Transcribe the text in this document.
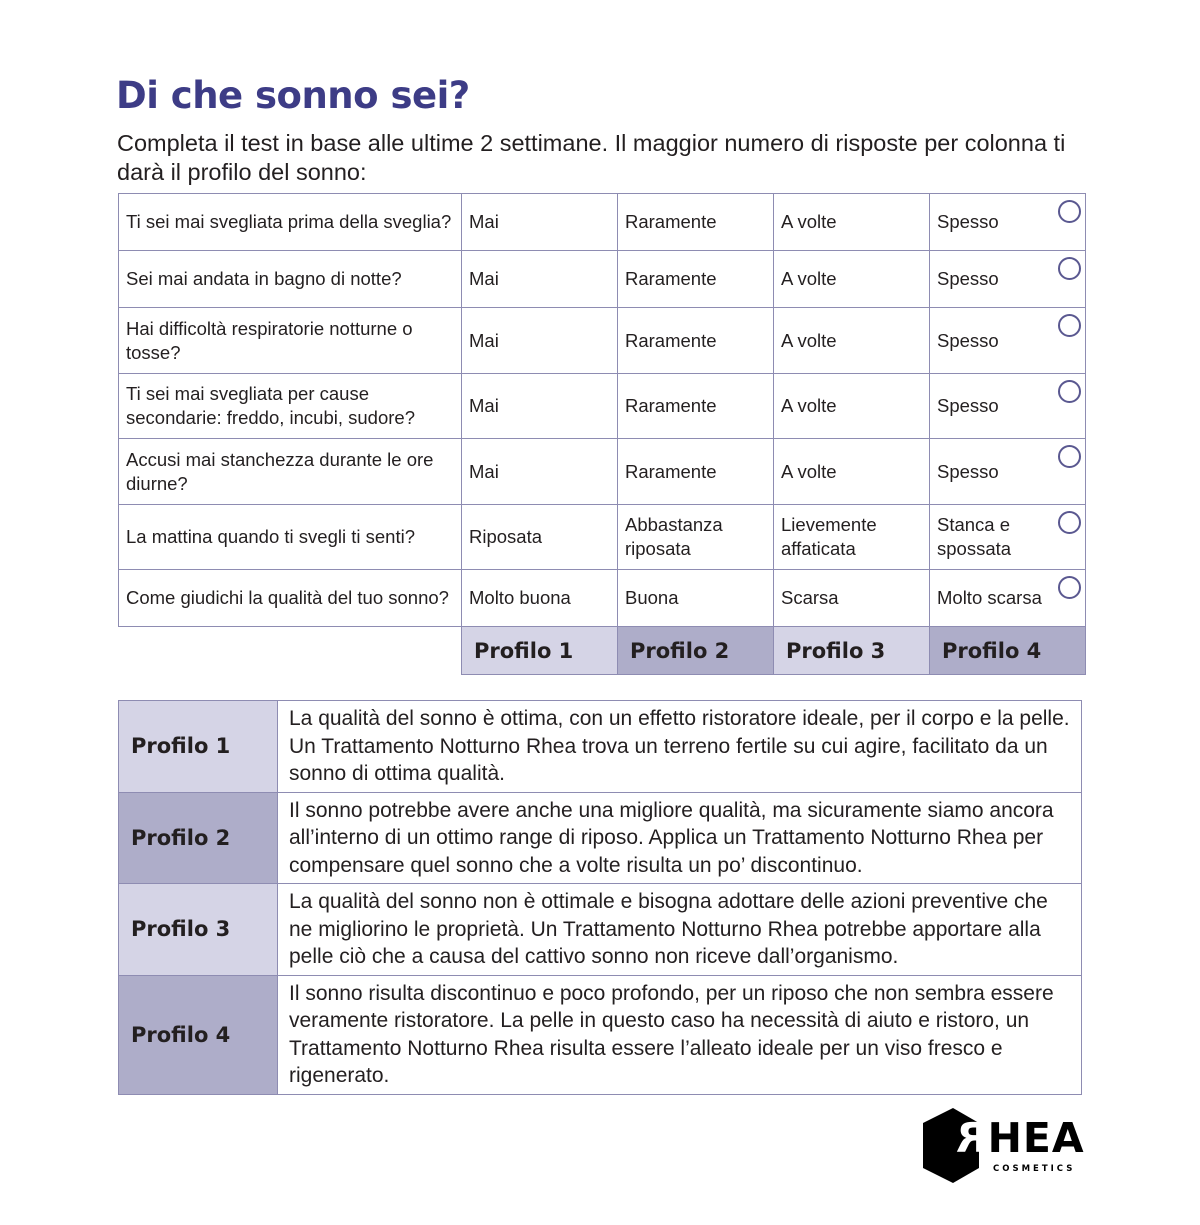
Di che sonno sei?

Completa il test in base alle ultime 2 settimane. Il maggior numero di risposte per colonna ti darà il profilo del sonno:

Ti sei mai svegliata prima della sveglia?	Mai	Raramente	A volte	Spesso

Sei mai andata in bagno di notte?	Mai	Raramente	A volte	Spesso

Hai difficoltà respiratorie notturne o tosse?	Mai	Raramente	A volte	Spesso

Ti sei mai svegliata per cause secondarie: freddo, incubi, sudore?	Mai	Raramente	A volte	Spesso

Accusi mai stanchezza durante le ore diurne?	Mai	Raramente	A volte	Spesso

La mattina quando ti svegli ti senti?	Riposata	Abbastanza riposata	Lievemente affaticata	Stanca e spossata

Come giudichi la qualità del tuo sonno?	Molto buona	Buona	Scarsa	Molto scarsa

	Profilo 1	Profilo 2	Profilo 3	Profilo 4
Profilo 1	La qualità del sonno è ottima, con un effetto ristoratore ideale, per il corpo e la pelle. Un Trattamento Notturno Rhea trova un terreno fertile su cui agire, facilitato da un sonno di ottima qualità.
Profilo 2	Il sonno potrebbe avere anche una migliore qualità, ma sicuramente siamo ancora all’interno di un ottimo range di riposo. Applica un Trattamento Notturno Rhea per compensare quel sonno che a volte risulta un po’ discontinuo.
Profilo 3	La qualità del sonno non è ottimale e bisogna adottare delle azioni preventive che ne migliorino le proprietà. Un Trattamento Notturno Rhea potrebbe apportare alla pelle ciò che a causa del cattivo sonno non riceve dall’organismo.
Profilo 4	Il sonno risulta discontinuo e poco profondo, per un riposo che non sembra essere veramente ristoratore. La pelle in questo caso ha necessità di aiuto e ristoro, un Trattamento Notturno Rhea risulta essere l’alleato ideale per un viso fresco e rigenerato.
RHEA
COSMETICS
